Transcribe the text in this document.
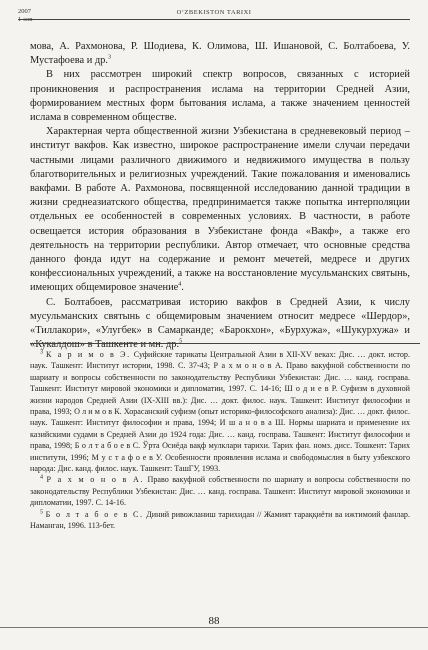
2007
1-son
O‘ZBEKISTON TARIXI

мова, А. Рахмонова, Р. Шодиева, К. Олимова, Ш. Ишановой, С. Болтабоева, У. Мустафоева и др.$^3$

В них рассмотрен широкий спектр вопросов, связанных с историей проникновения и распространения ислама на территории Средней Азии, формированием местных форм бытования ислама, а также значением ценностей ислама в современном обществе.

Характерная черта общественной жизни Узбекистана в средневековый период – институт вакфов. Как известно, широкое распространение имели случаи передачи частными лицами различного движимого и недвижимого имущества в пользу благотворительных и религиозных учреждений. Такие пожалования и именовались вакфами. В работе А. Рахмонова, посвященной исследованию данной традиции в жизни среднеазиатского общества, предпринимается также попытка интерполяции отдельных ее особенностей в современных условиях. В частности, в работе освещается история образования в Узбекистане фонда «Вакф», а также его деятельность на территории республики. Автор отмечает, что основные средства данного фонда идут на содержание и ремонт мечетей, медресе и других конфессиональных учреждений, а также на восстановление мусульманских святынь, имеющих общемировое значение$^4$.

С. Болтабоев, рассматривая историю вакфов в Средней Азии, к числу мусульманских святынь с общемировым значением относит медресе «Шердор», «Тиллакори», «Улугбек» в Самарканде; «Барокхон», «Бурхужа», «Шукурхужа» и «Кукалдош» в Ташкенте и мн. др.$^5$

$^3$ К а р и м о в Э. Суфийские тарикаты Центральной Азии в XII-XV веках: Дис. … докт. истор. наук. Ташкент: Институт истории, 1998. С. 37-43; Р а х м о н о в А. Право вакуфной собственности по шариату и вопросы собственности по законодательству Республики Узбекистан: Дис. … канд. госправа. Ташкент: Институт мировой экономики и дипломатии, 1997. С. 14-16; Ш о д и е в Р. Суфизм в духовной жизни народов Средней Азии (IX-XIII вв.): Дис. … докт. филос. наук. Ташкент: Институт философии и права, 1993; О л и м о в К. Хорасанский суфизм (опыт историко-философского анализа): Дис. … докт. филос. наук. Ташкент: Институт философии и права, 1994; И ш а н о в а Ш. Нормы шариата и применение их казийскими судами в Средней Азии до 1924 года: Дис. … канд. госправа. Ташкент: Институт философии и права, 1998; Б о л т а б о е в С. Ўрта Осиёда вақф мулклари тарихи. Тарих фан. номз. дисс. Тошкент: Тарих институти, 1996; М у с т а ф о е в У. Особенности проявления ислама и свободомыслия в быту узбекского народа: Дис. канд. филос. наук. Ташкент: ТашГУ, 1993.

$^4$ Р а х м о н о в А. Право вакуфной собственности по шариату и вопросы собственности по законодательству Республики Узбекистан: Дис. … канд. госправа. Ташкент: Институт мировой экономики и дипломатии, 1997. С. 14-16.

$^5$ Б о л т а б о е в С. Диний ривожланиш тарихидан // Жамият тараққиёти ва ижтимоий фанлар. Наманган, 1996. 113-бет.

88
